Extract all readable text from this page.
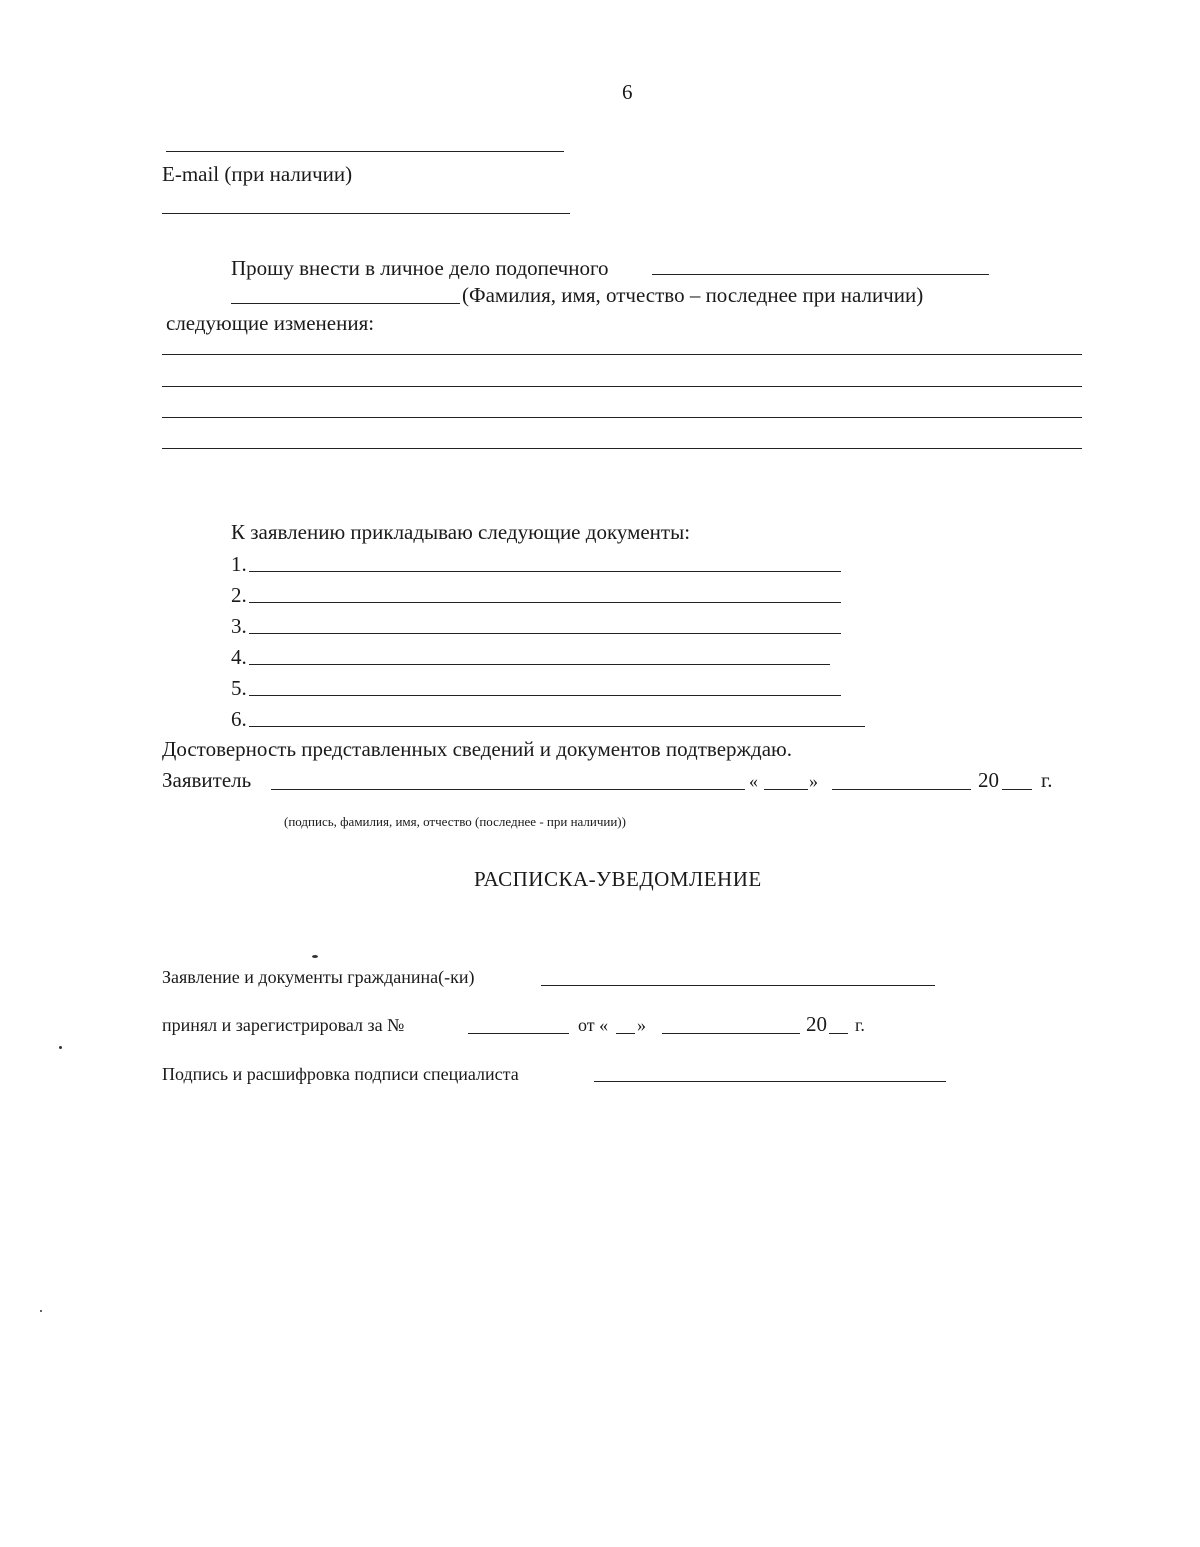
6
E-mail (при наличии)
Прошу внести в личное дело подопечного
(Фамилия, имя, отчество – последнее при наличии)
следующие изменения:
К заявлению прикладываю следующие документы:
1.
2.
3.
4.
5.
6.
Достоверность представленных сведений и документов подтверждаю.
Заявитель	«	»	20 г.
(подпись, фамилия, имя, отчество (последнее - при наличии))
РАСПИСКА-УВЕДОМЛЕНИЕ
Заявление и документы гражданина(-ки)
принял и зарегистрировал за №	от « »	20 г.
Подпись и расшифровка подписи специалиста
